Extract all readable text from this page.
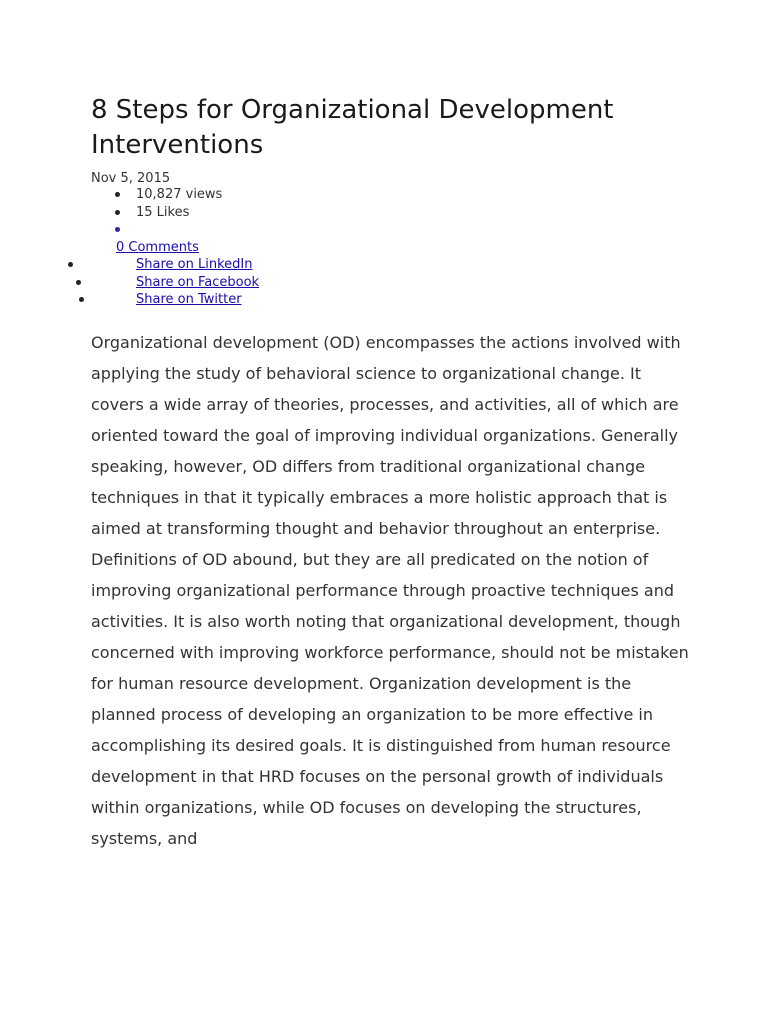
8 Steps for Organizational Development Interventions
Nov 5, 2015
10,827 views
15 Likes
0 Comments
Share on LinkedIn
Share on Facebook
Share on Twitter

Organizational development (OD) encompasses the actions involved with applying the study of behavioral science to organizational change. It covers a wide array of theories, processes, and activities, all of which are oriented toward the goal of improving individual organizations. Generally speaking, however, OD differs from traditional organizational change techniques in that it typically embraces a more holistic approach that is aimed at transforming thought and behavior throughout an enterprise. Definitions of OD abound, but they are all predicated on the notion of improving organizational performance through proactive techniques and activities. It is also worth noting that organizational development, though concerned with improving workforce performance, should not be mistaken for human resource development. Organization development is the planned process of developing an organization to be more effective in accomplishing its desired goals. It is distinguished from human resource development in that HRD focuses on the personal growth of individuals within organizations, while OD focuses on developing the structures, systems, and
